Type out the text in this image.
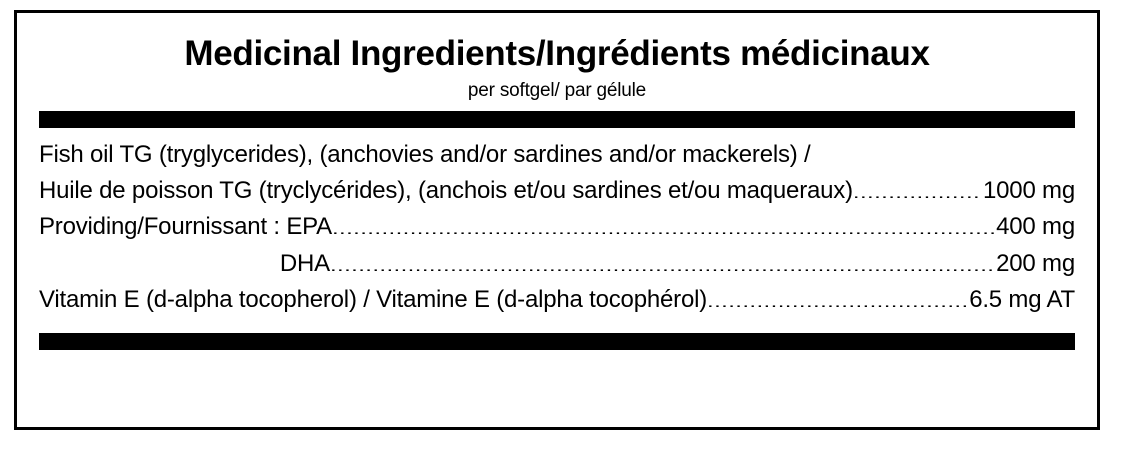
Medicinal Ingredients/Ingrédients médicinaux
per softgel/ par gélule
Fish oil TG (tryglycerides), (anchovies and/or sardines and/or mackerels) /
Huile de poisson TG (tryclycérides), (anchois et/ou sardines et/ou maqueraux) .....	1000 mg
Providing/Fournissant : EPA .....	400 mg
DHA .....	200 mg
Vitamin E (d-alpha tocopherol) / Vitamine E (d-alpha tocophérol) .....	6.5 mg AT
